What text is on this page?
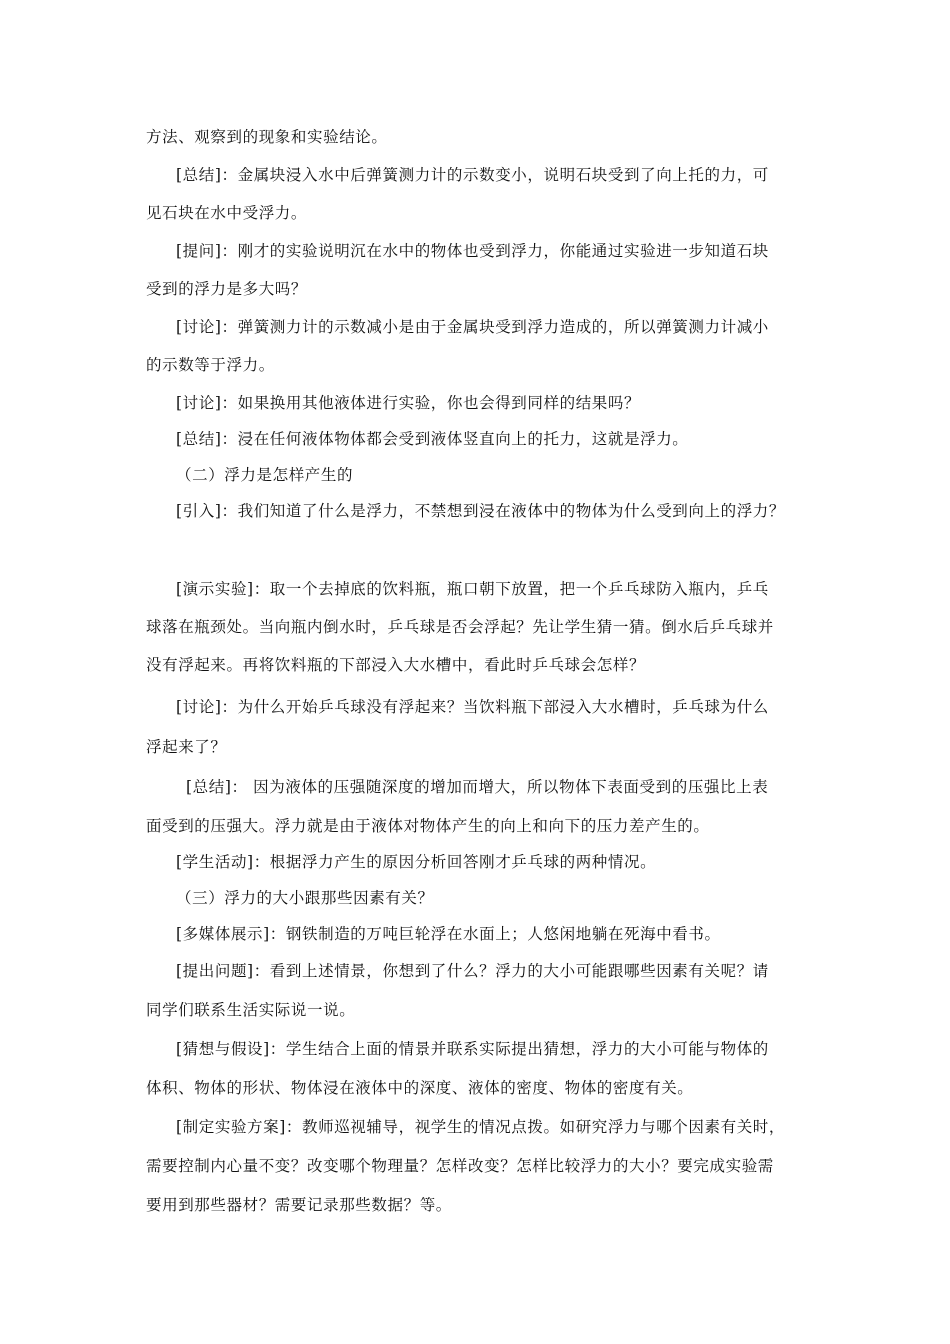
方法、观察到的现象和实验结论。
[总结]：金属块浸入水中后弹簧测力计的示数变小，说明石块受到了向上托的力，可
见石块在水中受浮力。
[提问]：刚才的实验说明沉在水中的物体也受到浮力，你能通过实验进一步知道石块
受到的浮力是多大吗？
[讨论]：弹簧测力计的示数减小是由于金属块受到浮力造成的，所以弹簧测力计减小
的示数等于浮力。
[讨论]：如果换用其他液体进行实验，你也会得到同样的结果吗？
[总结]：浸在任何液体物体都会受到液体竖直向上的托力，这就是浮力。
（二）浮力是怎样产生的
[引入]：我们知道了什么是浮力，不禁想到浸在液体中的物体为什么受到向上的浮力？
[演示实验]：取一个去掉底的饮料瓶，瓶口朝下放置，把一个乒乓球防入瓶内，乒乓
球落在瓶颈处。当向瓶内倒水时，乒乓球是否会浮起？先让学生猜一猜。倒水后乒乓球并
没有浮起来。再将饮料瓶的下部浸入大水槽中，看此时乒乓球会怎样？
[讨论]：为什么开始乒乓球没有浮起来？当饮料瓶下部浸入大水槽时，乒乓球为什么
浮起来了？
[总结]： 因为液体的压强随深度的增加而增大，所以物体下表面受到的压强比上表
面受到的压强大。浮力就是由于液体对物体产生的向上和向下的压力差产生的。
[学生活动]：根据浮力产生的原因分析回答刚才乒乓球的两种情况。
（三）浮力的大小跟那些因素有关？
[多媒体展示]：钢铁制造的万吨巨轮浮在水面上；人悠闲地躺在死海中看书。
[提出问题]：看到上述情景，你想到了什么？浮力的大小可能跟哪些因素有关呢？请
同学们联系生活实际说一说。
[猜想与假设]：学生结合上面的情景并联系实际提出猜想，浮力的大小可能与物体的
体积、物体的形状、物体浸在液体中的深度、液体的密度、物体的密度有关。
[制定实验方案]：教师巡视辅导，视学生的情况点拨。如研究浮力与哪个因素有关时，
需要控制内心量不变？改变哪个物理量？怎样改变？怎样比较浮力的大小？要完成实验需
要用到那些器材？需要记录那些数据？等。
